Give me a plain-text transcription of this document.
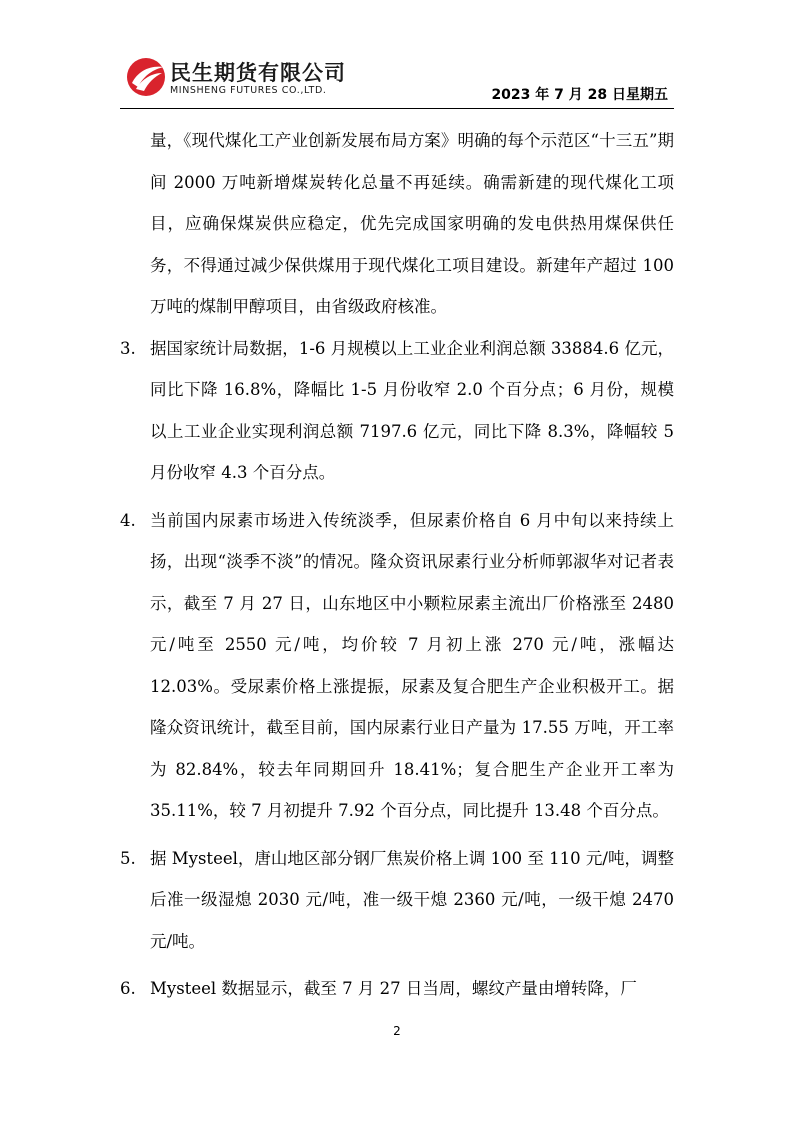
民生期货有限公司
MINSHENG FUTURES CO.,LTD.	2023 年 7 月 28 日星期五

量，《现代煤化工产业创新发展布局方案》明确的每个示范区“十三五”期间 2000 万吨新增煤炭转化总量不再延续。确需新建的现代煤化工项目，应确保煤炭供应稳定，优先完成国家明确的发电供热用煤保供任务，不得通过减少保供煤用于现代煤化工项目建设。新建年产超过 100 万吨的煤制甲醇项目，由省级政府核准。

3. 据国家统计局数据，1-6 月规模以上工业企业利润总额 33884.6 亿元，同比下降 16.8%，降幅比 1-5 月份收窄 2.0 个百分点；6 月份，规模以上工业企业实现利润总额 7197.6 亿元，同比下降 8.3%，降幅较 5 月份收窄 4.3 个百分点。
4. 当前国内尿素市场进入传统淡季，但尿素价格自 6 月中旬以来持续上扬，出现“淡季不淡”的情况。隆众资讯尿素行业分析师郭淑华对记者表示，截至 7 月 27 日，山东地区中小颗粒尿素主流出厂价格涨至 2480 元/吨至 2550 元/吨，均价较 7 月初上涨 270 元/吨，涨幅达 12.03%。受尿素价格上涨提振，尿素及复合肥生产企业积极开工。据隆众资讯统计，截至目前，国内尿素行业日产量为 17.55 万吨，开工率为 82.84%，较去年同期回升 18.41%；复合肥生产企业开工率为 35.11%，较 7 月初提升 7.92 个百分点，同比提升 13.48 个百分点。
5. 据 Mysteel，唐山地区部分钢厂焦炭价格上调 100 至 110 元/吨，调整后准一级湿熄 2030 元/吨，准一级干熄 2360 元/吨，一级干熄 2470 元/吨。
6. Mysteel 数据显示，截至 7 月 27 日当周，螺纹产量由增转降，厂
2
